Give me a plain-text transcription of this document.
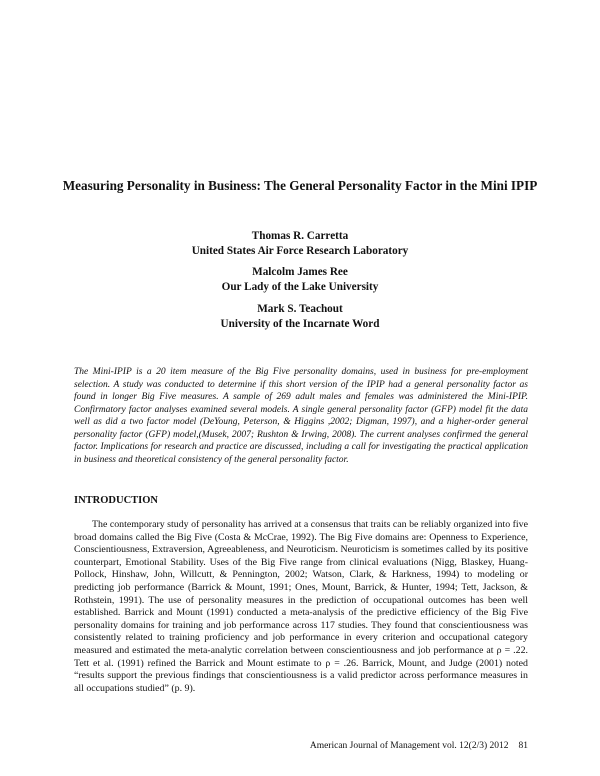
Measuring Personality in Business: The General Personality Factor in the Mini IPIP
Thomas R. Carretta
United States Air Force Research Laboratory
Malcolm James Ree
Our Lady of the Lake University
Mark S. Teachout
University of the Incarnate Word

The Mini-IPIP is a 20 item measure of the Big Five personality domains, used in business for pre-employment selection. A study was conducted to determine if this short version of the IPIP had a general personality factor as found in longer Big Five measures. A sample of 269 adult males and females was administered the Mini-IPIP. Confirmatory factor analyses examined several models. A single general personality factor (GFP) model fit the data well as did a two factor model (DeYoung, Peterson, & Higgins ,2002; Digman, 1997), and a higher-order general personality factor (GFP) model,(Musek, 2007; Rushton & Irwing, 2008). The current analyses confirmed the general factor. Implications for research and practice are discussed, including a call for investigating the practical application in business and theoretical consistency of the general personality factor.

INTRODUCTION

The contemporary study of personality has arrived at a consensus that traits can be reliably organized into five broad domains called the Big Five (Costa & McCrae, 1992). The Big Five domains are: Openness to Experience, Conscientiousness, Extraversion, Agreeableness, and Neuroticism. Neuroticism is sometimes called by its positive counterpart, Emotional Stability. Uses of the Big Five range from clinical evaluations (Nigg, Blaskey, Huang-Pollock, Hinshaw, John, Willcutt, & Pennington, 2002; Watson, Clark, & Harkness, 1994) to modeling or predicting job performance (Barrick & Mount, 1991; Ones, Mount, Barrick, & Hunter, 1994; Tett, Jackson, & Rothstein, 1991). The use of personality measures in the prediction of occupational outcomes has been well established. Barrick and Mount (1991) conducted a meta-analysis of the predictive efficiency of the Big Five personality domains for training and job performance across 117 studies. They found that conscientiousness was consistently related to training proficiency and job performance in every criterion and occupational category measured and estimated the meta-analytic correlation between conscientiousness and job performance at ρ = .22. Tett et al. (1991) refined the Barrick and Mount estimate to ρ = .26. Barrick, Mount, and Judge (2001) noted “results support the previous findings that conscientiousness is a valid predictor across performance measures in all occupations studied” (p. 9).

American Journal of Management vol. 12(2/3) 2012 81
